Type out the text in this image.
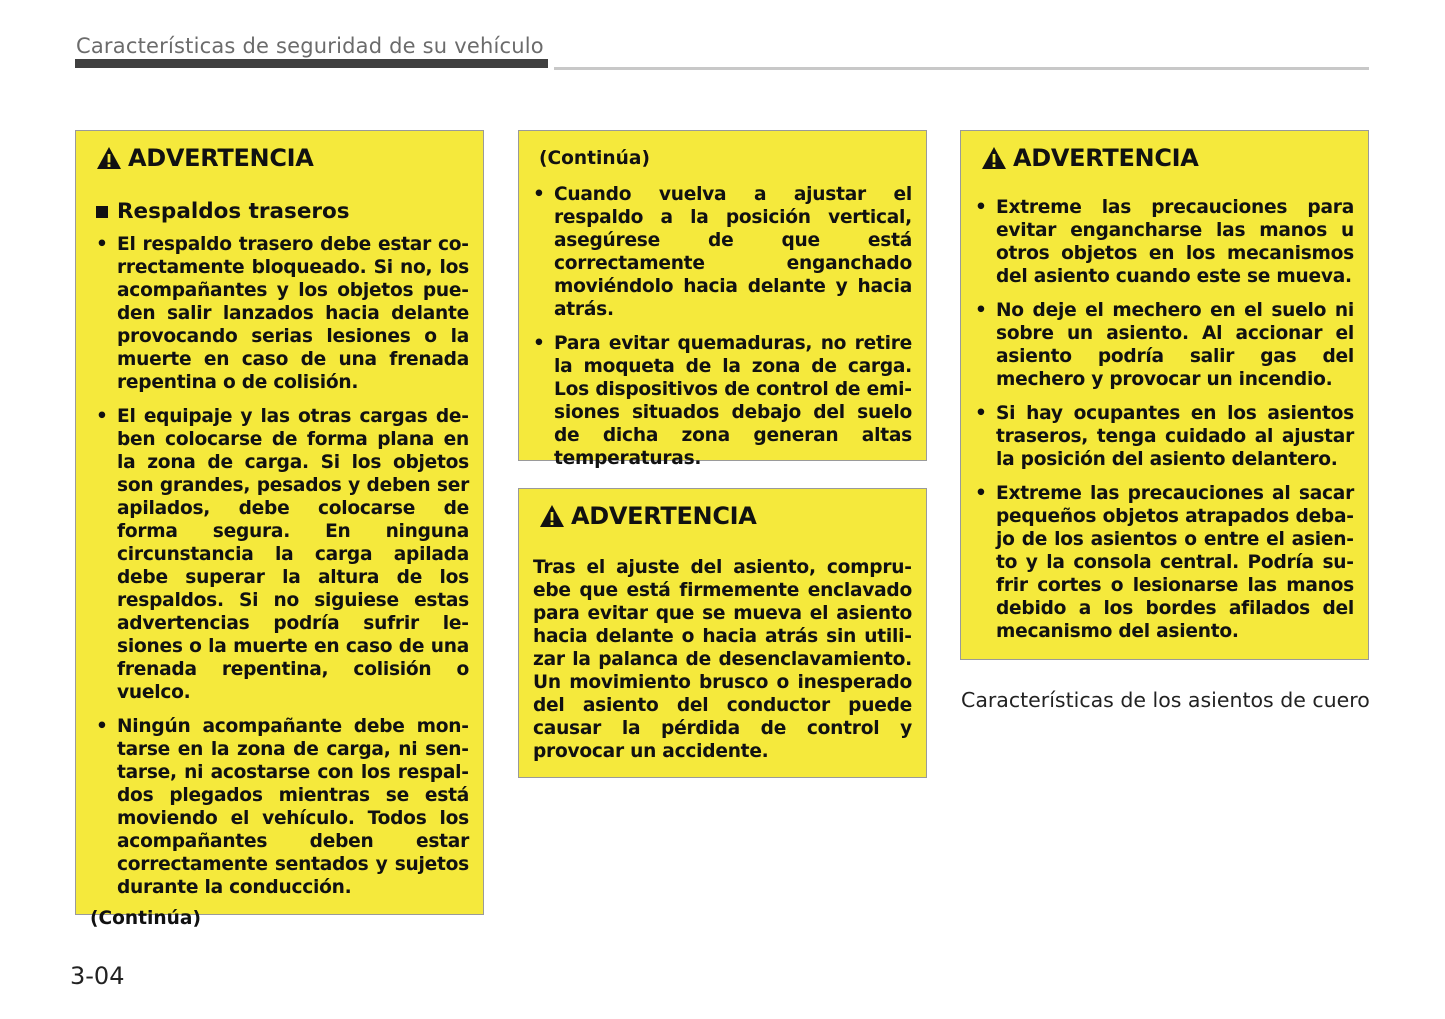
Características de seguridad de su vehículo
ADVERTENCIA
Respaldos traseros
• El respaldo trasero debe estar correctamente bloqueado. Si no, los acompañantes y los objetos pueden salir lanzados hacia delante provocando serias lesiones o la muerte en caso de una frenada repentina o de colisión.
• El equipaje y las otras cargas deben colocarse de forma plana en la zona de carga. Si los objetos son grandes, pesados y deben ser apilados, debe colocarse de forma segura. En ninguna circunstancia la carga apilada debe superar la altura de los respaldos. Si no siguiese estas advertencias podría sufrir lesiones o la muerte en caso de una frenada repentina, colisión o vuelco.
• Ningún acompañante debe montarse en la zona de carga, ni sentarse, ni acostarse con los respaldos plegados mientras se está moviendo el vehículo. Todos los acompañantes deben estar correctamente sentados y sujetos durante la conducción.
(Continúa)
(Continúa)
• Cuando vuelva a ajustar el respaldo a la posición vertical, asegúrese de que está correctamente enganchado moviéndolo hacia delante y hacia atrás.
• Para evitar quemaduras, no retire la moqueta de la zona de carga. Los dispositivos de control de emisiones situados debajo del suelo de dicha zona generan altas temperaturas.
ADVERTENCIA
Tras el ajuste del asiento, compruebe que está firmemente enclavado para evitar que se mueva el asiento hacia delante o hacia atrás sin utilizar la palanca de desenclavamiento. Un movimiento brusco o inesperado del asiento del conductor puede causar la pérdida de control y provocar un accidente.
ADVERTENCIA
• Extreme las precauciones para evitar engancharse las manos u otros objetos en los mecanismos del asiento cuando este se mueva.
• No deje el mechero en el suelo ni sobre un asiento. Al accionar el asiento podría salir gas del mechero y provocar un incendio.
• Si hay ocupantes en los asientos traseros, tenga cuidado al ajustar la posición del asiento delantero.
• Extreme las precauciones al sacar pequeños objetos atrapados debajo de los asientos o entre el asiento y la consola central. Podría sufrir cortes o lesionarse las manos debido a los bordes afilados del mecanismo del asiento.
Características de los asientos de cuero
3-04
